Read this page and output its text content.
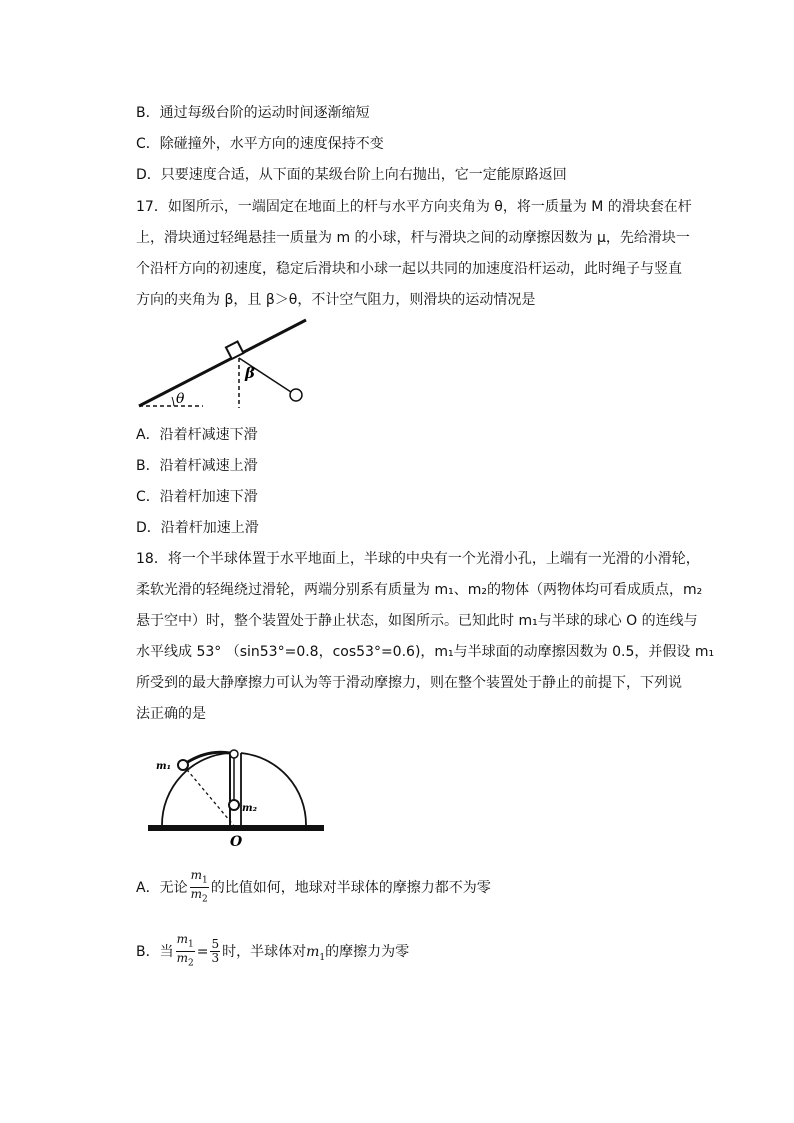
B．通过每级台阶的运动时间逐渐缩短
C．除碰撞外，水平方向的速度保持不变
D．只要速度合适，从下面的某级台阶上向右抛出，它一定能原路返回
17．如图所示，一端固定在地面上的杆与水平方向夹角为 θ，将一质量为 M 的滑块套在杆
上，滑块通过轻绳悬挂一质量为 m 的小球，杆与滑块之间的动摩擦因数为 μ，先给滑块一
个沿杆方向的初速度，稳定后滑块和小球一起以共同的加速度沿杆运动，此时绳子与竖直
方向的夹角为 β，且 β＞θ，不计空气阻力，则滑块的运动情况是
θ
β
A．沿着杆减速下滑
B．沿着杆减速上滑
C．沿着杆加速下滑
D．沿着杆加速上滑
18．将一个半球体置于水平地面上，半球的中央有一个光滑小孔，上端有一光滑的小滑轮，
柔软光滑的轻绳绕过滑轮，两端分别系有质量为 m₁、m₂的物体（两物体均可看成质点，m₂
悬于空中）时，整个装置处于静止状态，如图所示。已知此时 m₁与半球的球心 O 的连线与
水平线成 53° （sin53°=0.8，cos53°=0.6)，m₁与半球面的动摩擦因数为 0.5，并假设 m₁
所受到的最大静摩擦力可认为等于滑动摩擦力，则在整个装置处于静止的前提下，下列说
法正确的是
m₁
m₂
O
A．无论 $\frac{m_1}{m_2}$ 的比值如何，地球对半球体的摩擦力都不为零
B．当 $\frac{m_1}{m_2} = \frac{5}{3}$ 时，半球体对$m_1$的摩擦力为零
